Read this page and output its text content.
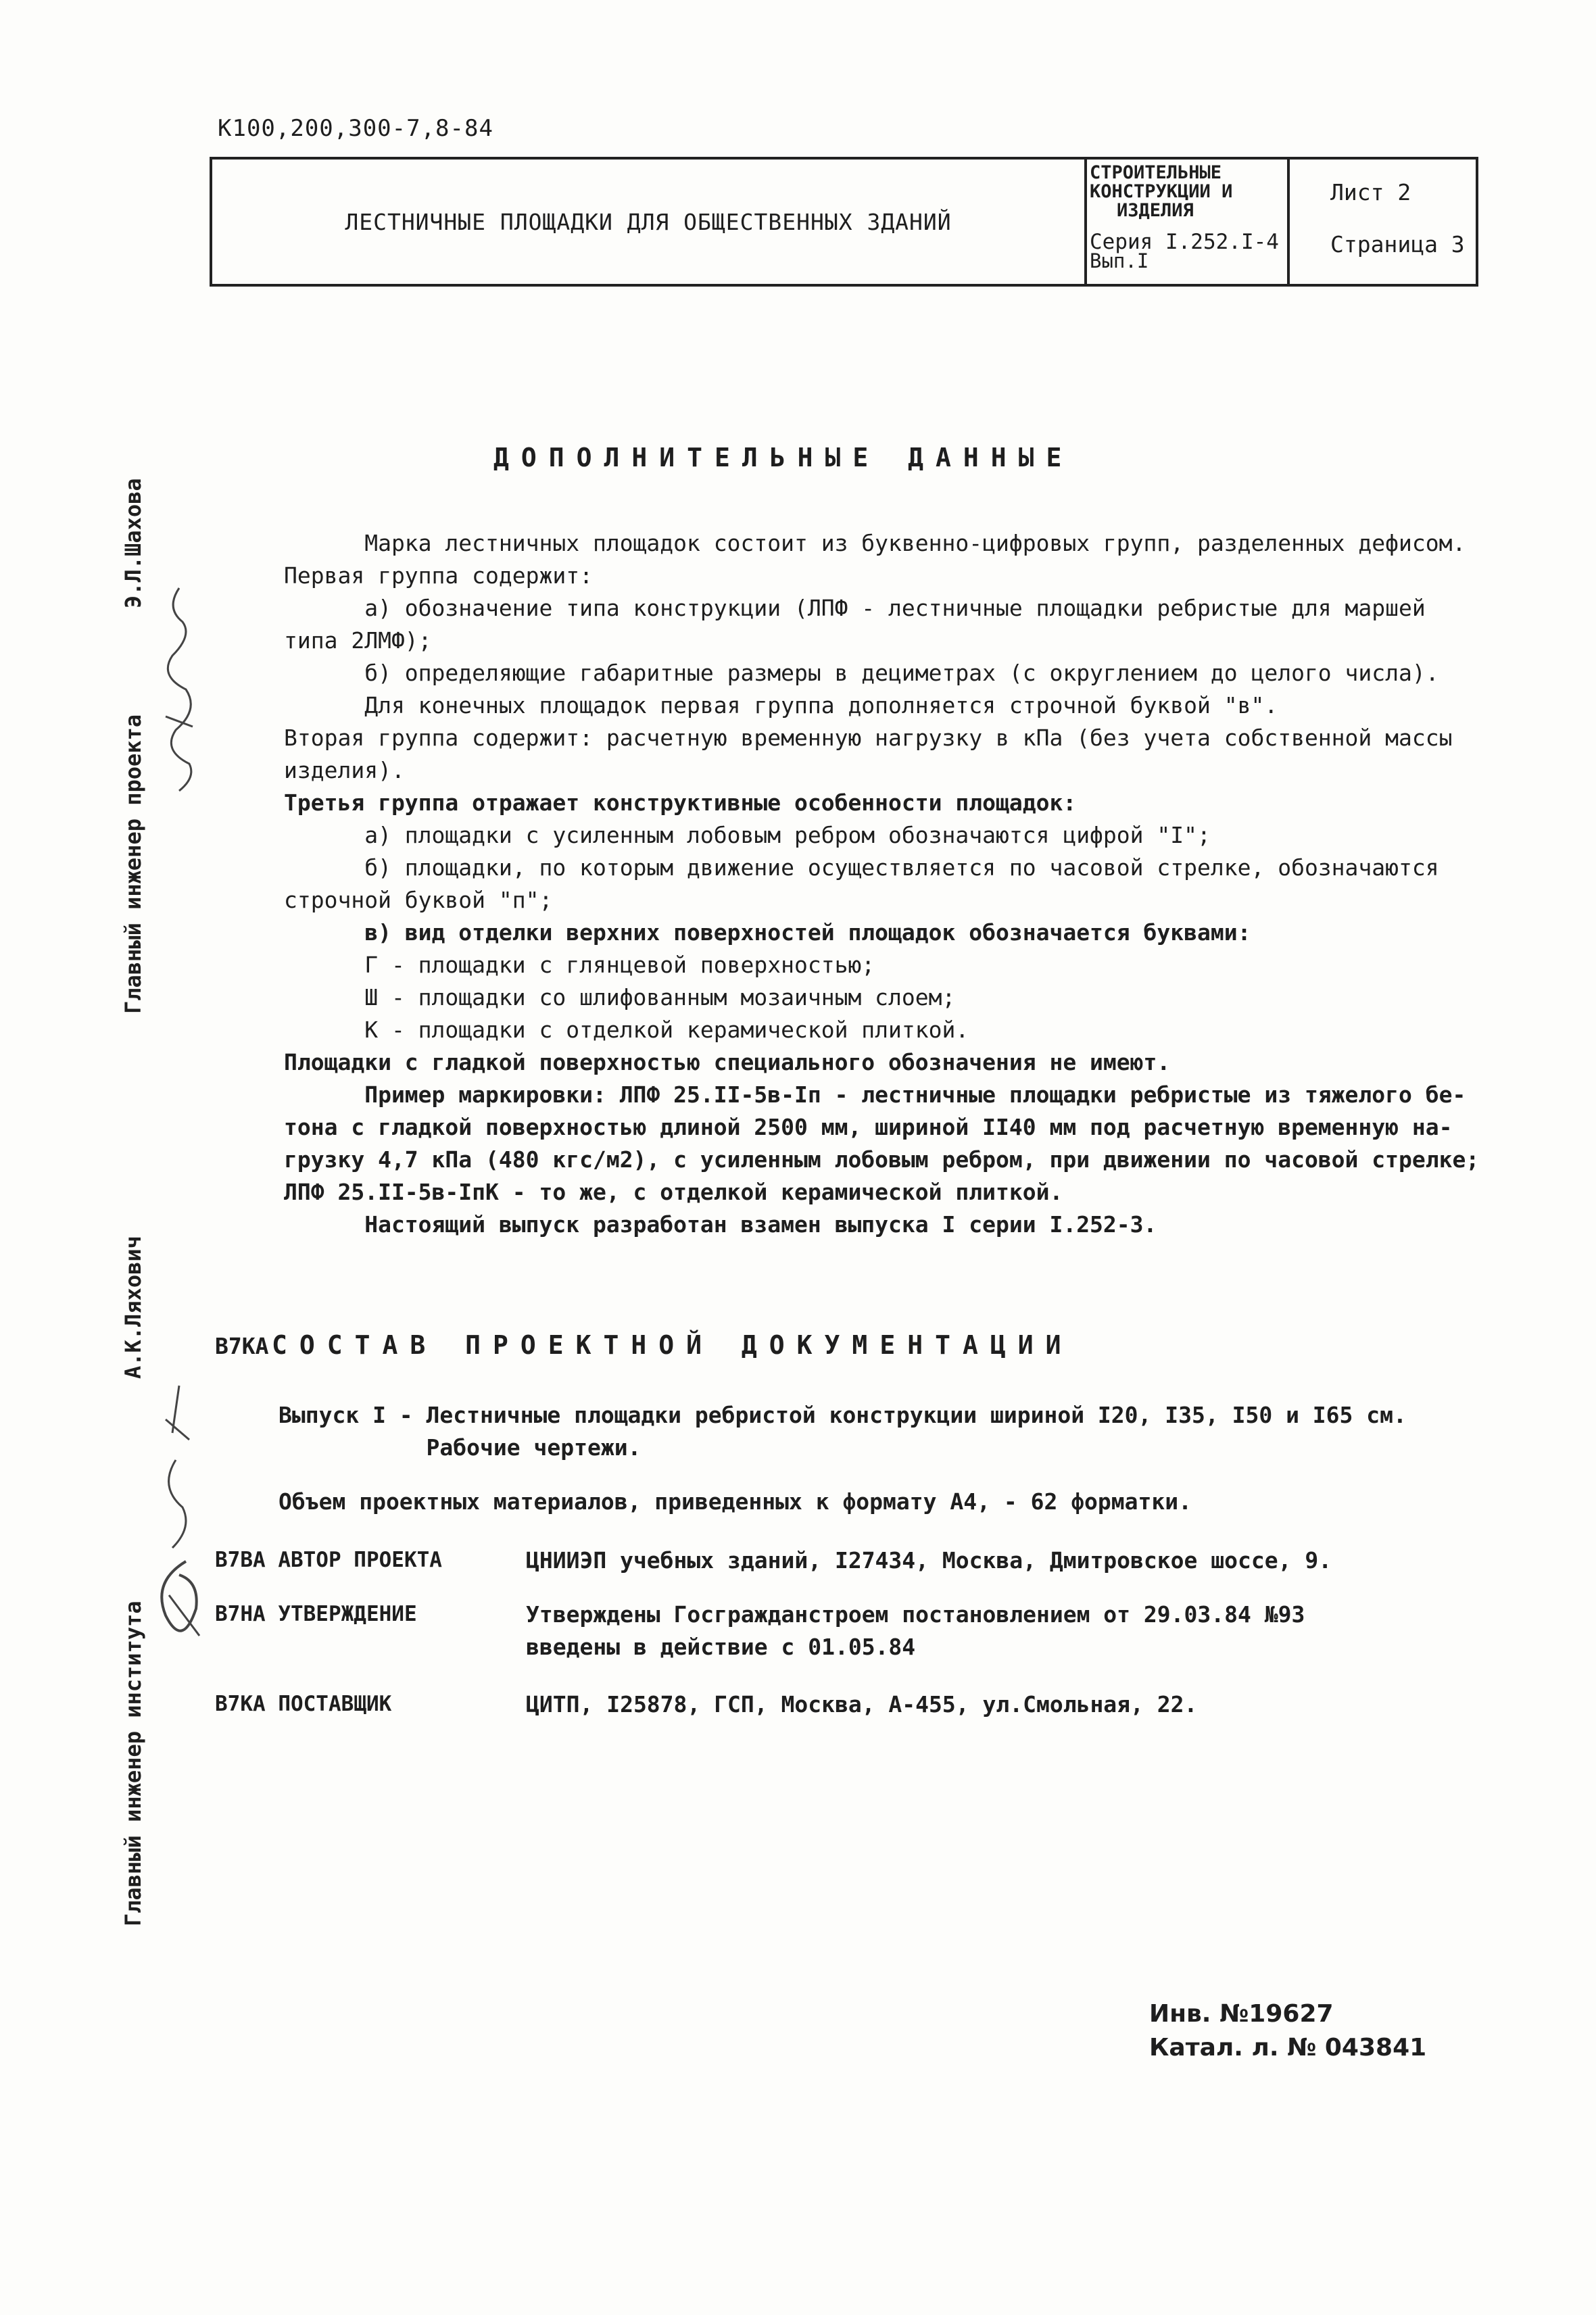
К100,200,300-7,8-84
ЛЕСТНИЧНЫЕ ПЛОЩАДКИ ДЛЯ ОБЩЕСТВЕННЫХ ЗДАНИЙ
СТРОИТЕЛЬНЫЕ
КОНСТРУКЦИИ И
ИЗДЕЛИЯ
Серия I.252.I-4
Вып.I
Лист 2
Страница 3
Главный инженер проекта
Э.Л.Шахова
Главный инженер института
А.К.Ляхович
ДОПОЛНИТЕЛЬНЫЕ ДАННЫЕ
Марка лестничных площадок состоит из буквенно-цифровых групп, разделенных дефисом.
Первая группа содержит:
а) обозначение типа конструкции (ЛПФ - лестничные площадки ребристые для маршей
типа 2ЛМФ);
б) определяющие габаритные размеры в дециметрах (с округлением до целого числа).
Для конечных площадок первая группа дополняется строчной буквой "в".
Вторая группа содержит: расчетную временную нагрузку в кПа (без учета собственной массы
изделия).
Третья группа отражает конструктивные особенности площадок:
а) площадки с усиленным лобовым ребром обозначаются цифрой "I";
б) площадки, по которым движение осуществляется по часовой стрелке, обозначаются
строчной буквой "п";
в) вид отделки верхних поверхностей площадок обозначается буквами:
Г - площадки с глянцевой поверхностью;
Ш - площадки со шлифованным мозаичным слоем;
К - площадки с отделкой керамической плиткой.
Площадки с гладкой поверхностью специального обозначения не имеют.
Пример маркировки: ЛПФ 25.II-5в-Iп - лестничные площадки ребристые из тяжелого бе-
тона с гладкой поверхностью длиной 2500 мм, шириной II40 мм под расчетную временную на-
грузку 4,7 кПа (480 кгс/м2), с усиленным лобовым ребром, при движении по часовой стрелке;
ЛПФ 25.II-5в-IпК - то же, с отделкой керамической плиткой.
Настоящий выпуск разработан взамен выпуска I серии I.252-3.
В7КА СОСТАВ ПРОЕКТНОЙ ДОКУМЕНТАЦИИ
Выпуск I - Лестничные площадки ребристой конструкции шириной I20, I35, I50 и I65 см.
Рабочие чертежи.
Объем проектных материалов, приведенных к формату А4, - 62 форматки.
В7ВА АВТОР ПРОЕКТА	ЦНИИЭП учебных зданий, I27434, Москва, Дмитровское шоссе, 9.
В7НА УТВЕРЖДЕНИЕ	Утверждены Госгражданстроем постановлением от 29.03.84 №93
введены в действие с 01.05.84
В7КА ПОСТАВЩИК	ЦИТП, I25878, ГСП, Москва, А-455, ул.Смольная, 22.
Инв. №19627
Катал. л. № 043841
